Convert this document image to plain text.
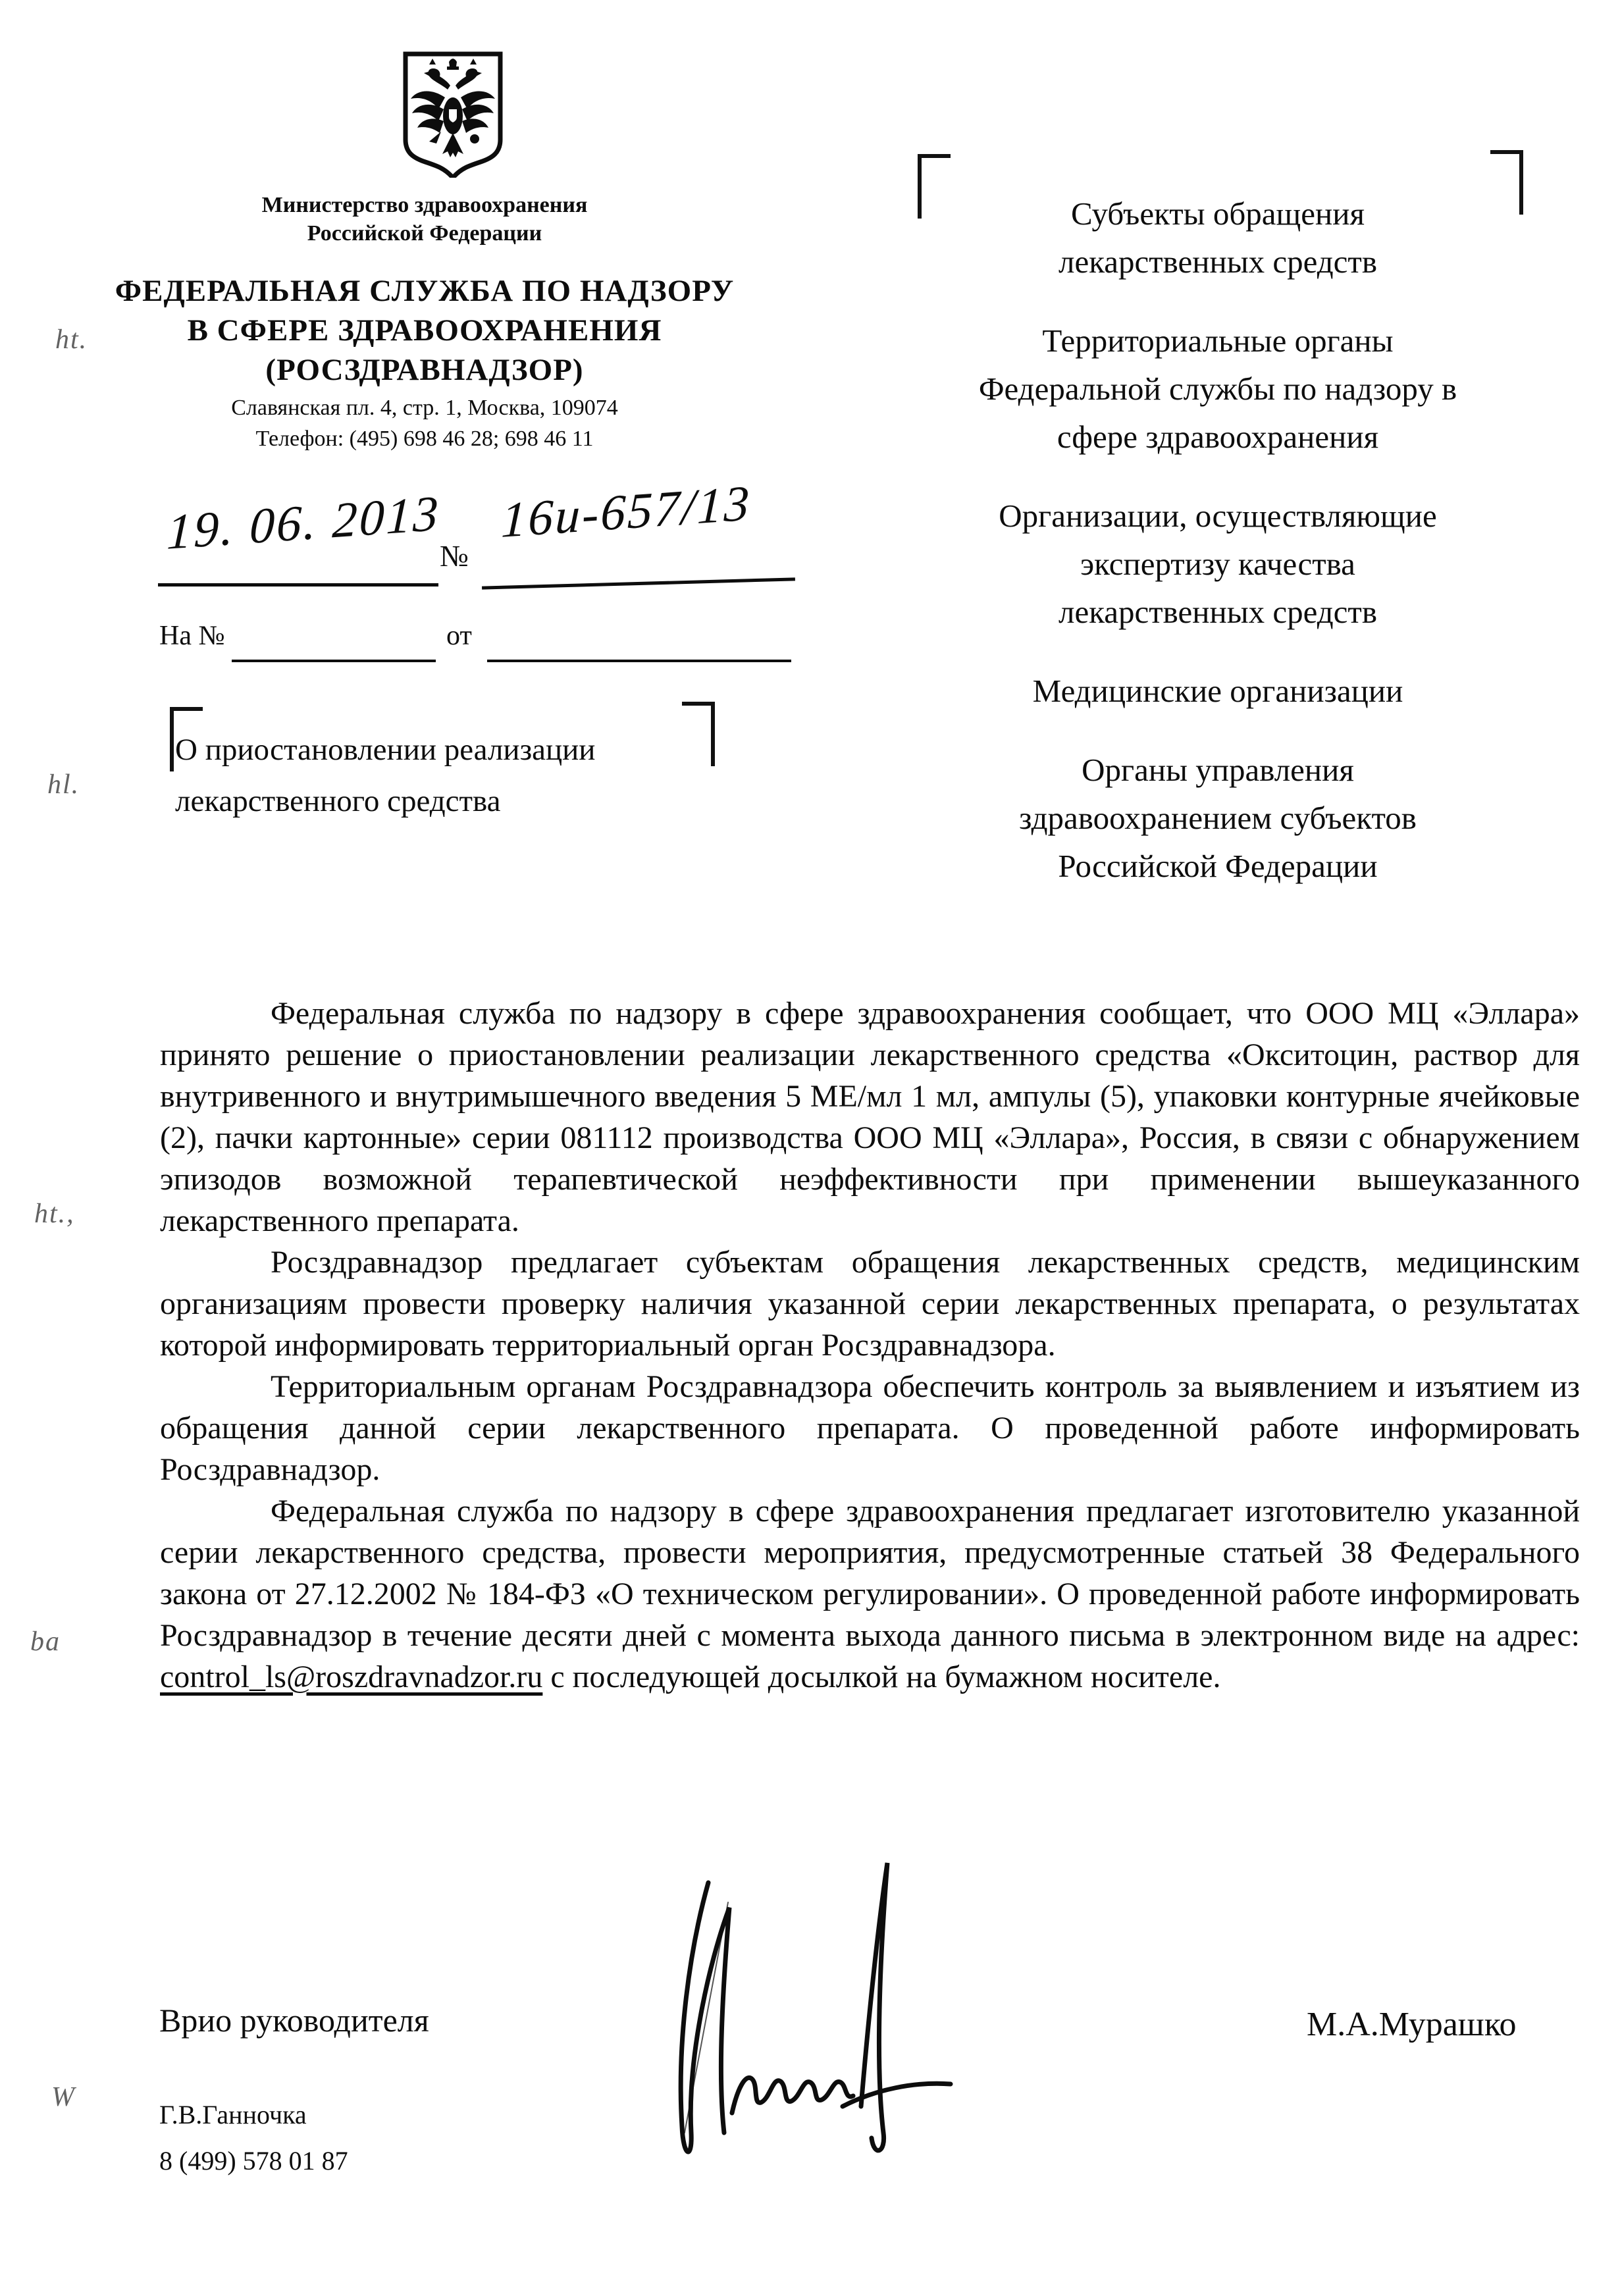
Министерство здравоохранения
Российской Федерации
ФЕДЕРАЛЬНАЯ СЛУЖБА ПО НАДЗОРУ
В СФЕРЕ ЗДРАВООХРАНЕНИЯ
(РОСЗДРАВНАДЗОР)
Славянская пл. 4, стр. 1, Москва, 109074
Телефон: (495) 698 46 28; 698 46 11
19. 06. 2013
№
16и-657/13
На №	от
О приостановлении реализации
лекарственного средства
Субъекты обращения
лекарственных средств
Территориальные органы
Федеральной службы по надзору в
сфере здравоохранения
Организации, осуществляющие
экспертизу качества
лекарственных средств
Медицинские организации
Органы управления
здравоохранением субъектов
Российской Федерации

Федеральная служба по надзору в сфере здравоохранения сообщает, что ООО МЦ «Эллара» принято решение о приостановлении реализации лекарственного средства «Окситоцин, раствор для внутривенного и внутримышечного введения 5 МЕ/мл 1 мл, ампулы (5), упаковки контурные ячейковые (2), пачки картонные» серии 081112 производства ООО МЦ «Эллара», Россия, в связи с обнаружением эпизодов возможной терапевтической неэффективности при применении вышеуказанного лекарственного препарата.

Росздравнадзор предлагает субъектам обращения лекарственных средств, медицинским организациям провести проверку наличия указанной серии лекарственных препарата, о результатах которой информировать территориальный орган Росздравнадзора.

Территориальным органам Росздравнадзора обеспечить контроль за выявлением и изъятием из обращения данной серии лекарственного препарата. О проведенной работе информировать Росздравнадзор.

Федеральная служба по надзору в сфере здравоохранения предлагает изготовителю указанной серии лекарственного средства, провести мероприятия, предусмотренные статьей 38 Федерального закона от 27.12.2002 № 184-ФЗ «О техническом регулировании». О проведенной работе информировать Росздравнадзор в течение десяти дней с момента выхода данного письма в электронном виде на адрес: control_ls@roszdravnadzor.ru с последующей досылкой на бумажном носителе.

Врио руководителя	М.А.Мурашко
Г.В.Ганночка
8 (499) 578 01 87
ht.
hl.
ht.,
ba
W
